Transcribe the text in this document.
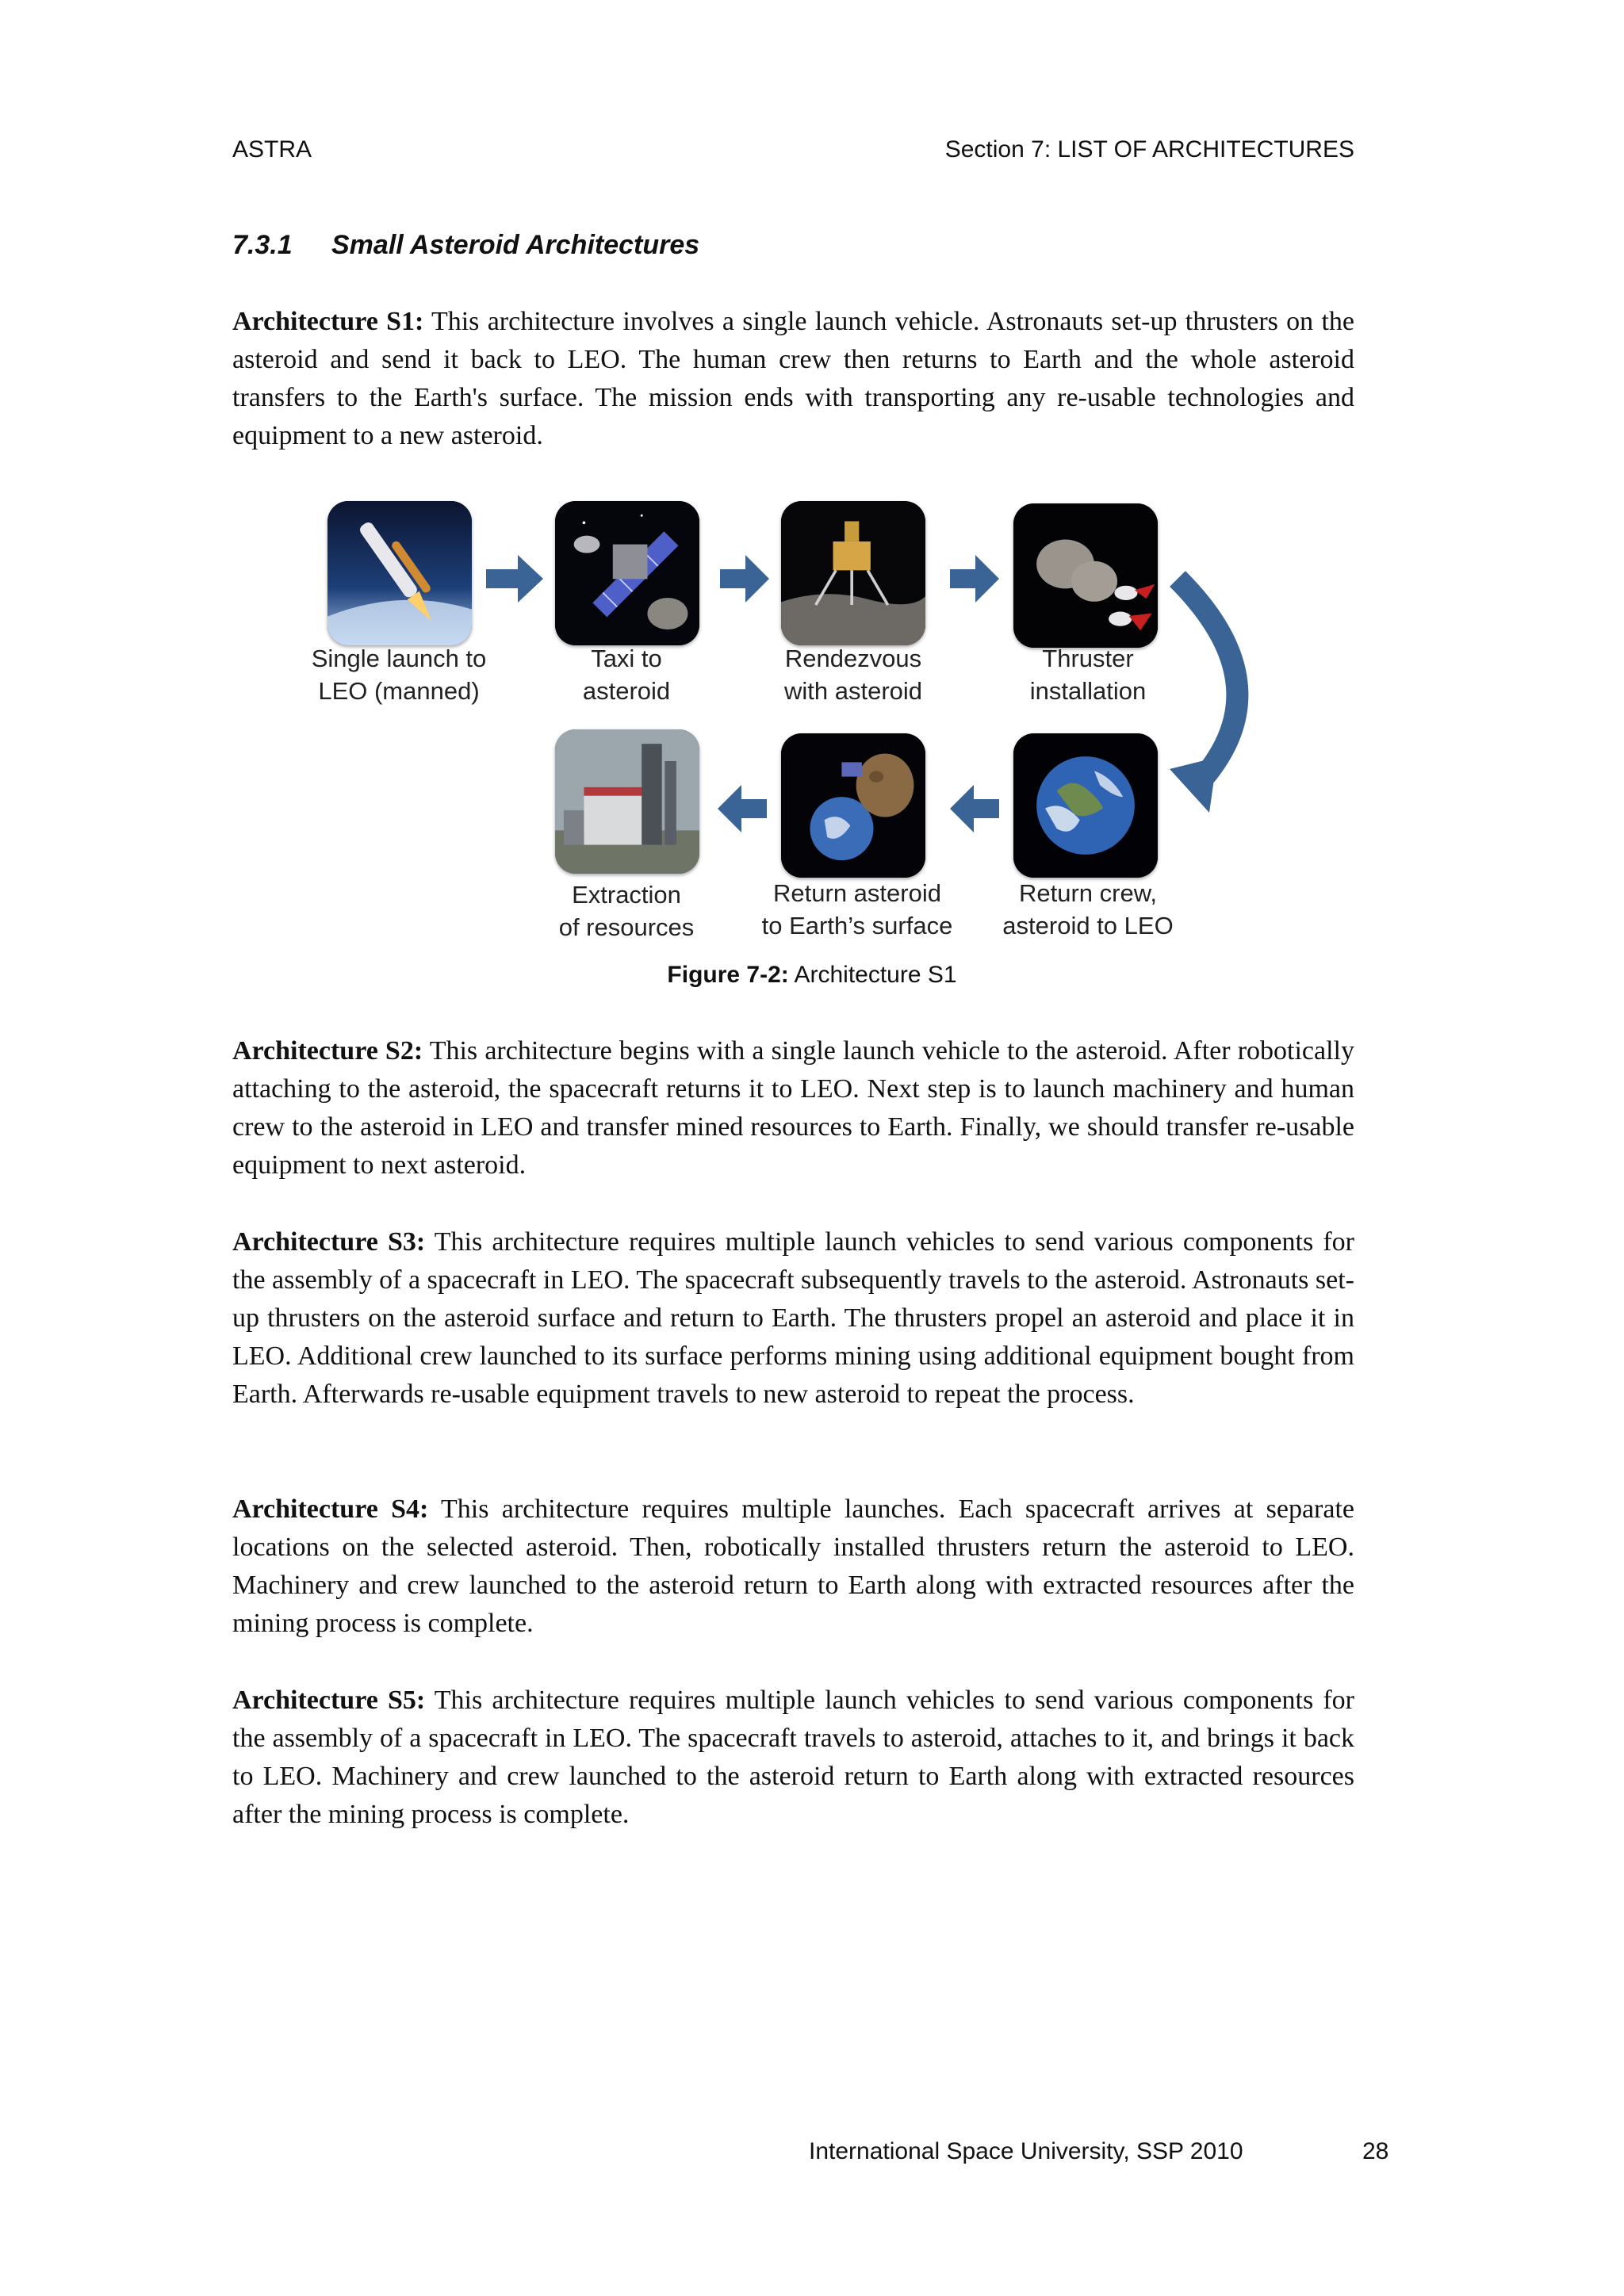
ASTRA	Section 7: LIST OF ARCHITECTURES
7.3.1 Small Asteroid Architectures

Architecture S1: This architecture involves a single launch vehicle. Astronauts set-up thrusters on the asteroid and send it back to LEO. The human crew then returns to Earth and the whole asteroid transfers to the Earth's surface. The mission ends with transporting any re-usable technologies and equipment to a new asteroid.

Single launch to
LEO (manned)
Taxi to
asteroid
Rendezvous
with asteroid
Thruster
installation
Return crew,
asteroid to LEO
Return asteroid
to Earth’s surface
Extraction
of resources
Figure 7-2: Architecture S1

Architecture S2: This architecture begins with a single launch vehicle to the asteroid. After robotically attaching to the asteroid, the spacecraft returns it to LEO. Next step is to launch machinery and human crew to the asteroid in LEO and transfer mined resources to Earth. Finally, we should transfer re-usable equipment to next asteroid.

Architecture S3: This architecture requires multiple launch vehicles to send various components for the assembly of a spacecraft in LEO. The spacecraft subsequently travels to the asteroid. Astronauts set-up thrusters on the asteroid surface and return to Earth. The thrusters propel an asteroid and place it in LEO. Additional crew launched to its surface performs mining using additional equipment bought from Earth. Afterwards re-usable equipment travels to new asteroid to repeat the process.

Architecture S4: This architecture requires multiple launches. Each spacecraft arrives at separate locations on the selected asteroid. Then, robotically installed thrusters return the asteroid to LEO. Machinery and crew launched to the asteroid return to Earth along with extracted resources after the mining process is complete.

Architecture S5: This architecture requires multiple launch vehicles to send various components for the assembly of a spacecraft in LEO. The spacecraft travels to asteroid, attaches to it, and brings it back to LEO. Machinery and crew launched to the asteroid return to Earth along with extracted resources after the mining process is complete.

International Space University, SSP 2010	28
